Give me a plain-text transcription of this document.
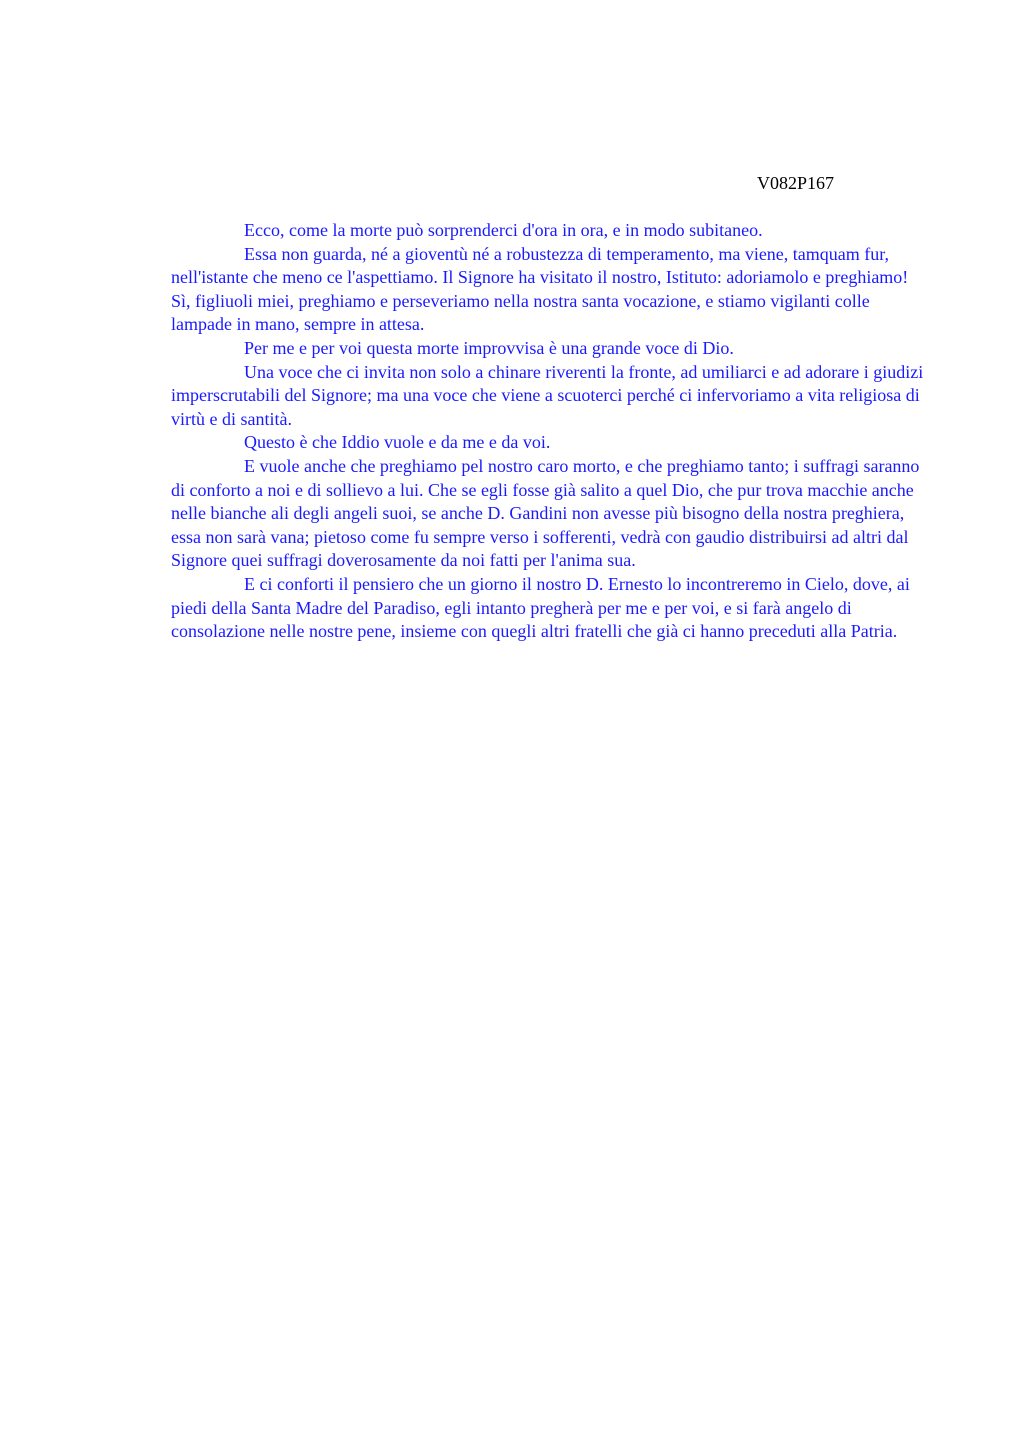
V082P167

Ecco, come la morte può sorprenderci d'ora in ora, e in modo subitaneo.

Essa non guarda, né a gioventù né a robustezza di temperamento, ma viene, tamquam fur, nell'istante che meno ce l'aspettiamo. Il Signore ha visitato il nostro, Istituto: adoriamolo e preghiamo! Sì, figliuoli miei, preghiamo e perseveriamo nella nostra santa vocazione, e stiamo vigilanti colle lampade in mano, sempre in attesa.

Per me e per voi questa morte improvvisa è una grande voce di Dio.

Una voce che ci invita non solo a chinare riverenti la fronte, ad umiliarci e ad adorare i giudizi imperscrutabili del Signore; ma una voce che viene a scuoterci perché ci infervoriamo a vita religiosa di virtù e di santità.

Questo è che Iddio vuole e da me e da voi.

E vuole anche che preghiamo pel nostro caro morto, e che preghiamo tanto; i suffragi saranno di conforto a noi e di sollievo a lui. Che se egli fosse già salito a quel Dio, che pur trova macchie anche nelle bianche ali degli angeli suoi, se anche D. Gandini non avesse più bisogno della nostra preghiera, essa non sarà vana; pietoso come fu sempre verso i sofferenti, vedrà con gaudio distribuirsi ad altri dal Signore quei suffragi doverosamente da noi fatti per l'anima sua.

E ci conforti il pensiero che un giorno il nostro D. Ernesto lo incontreremo in Cielo, dove, ai piedi della Santa Madre del Paradiso, egli intanto pregherà per me e per voi, e si farà angelo di consolazione nelle nostre pene, insieme con quegli altri fratelli che già ci hanno preceduti alla Patria.
